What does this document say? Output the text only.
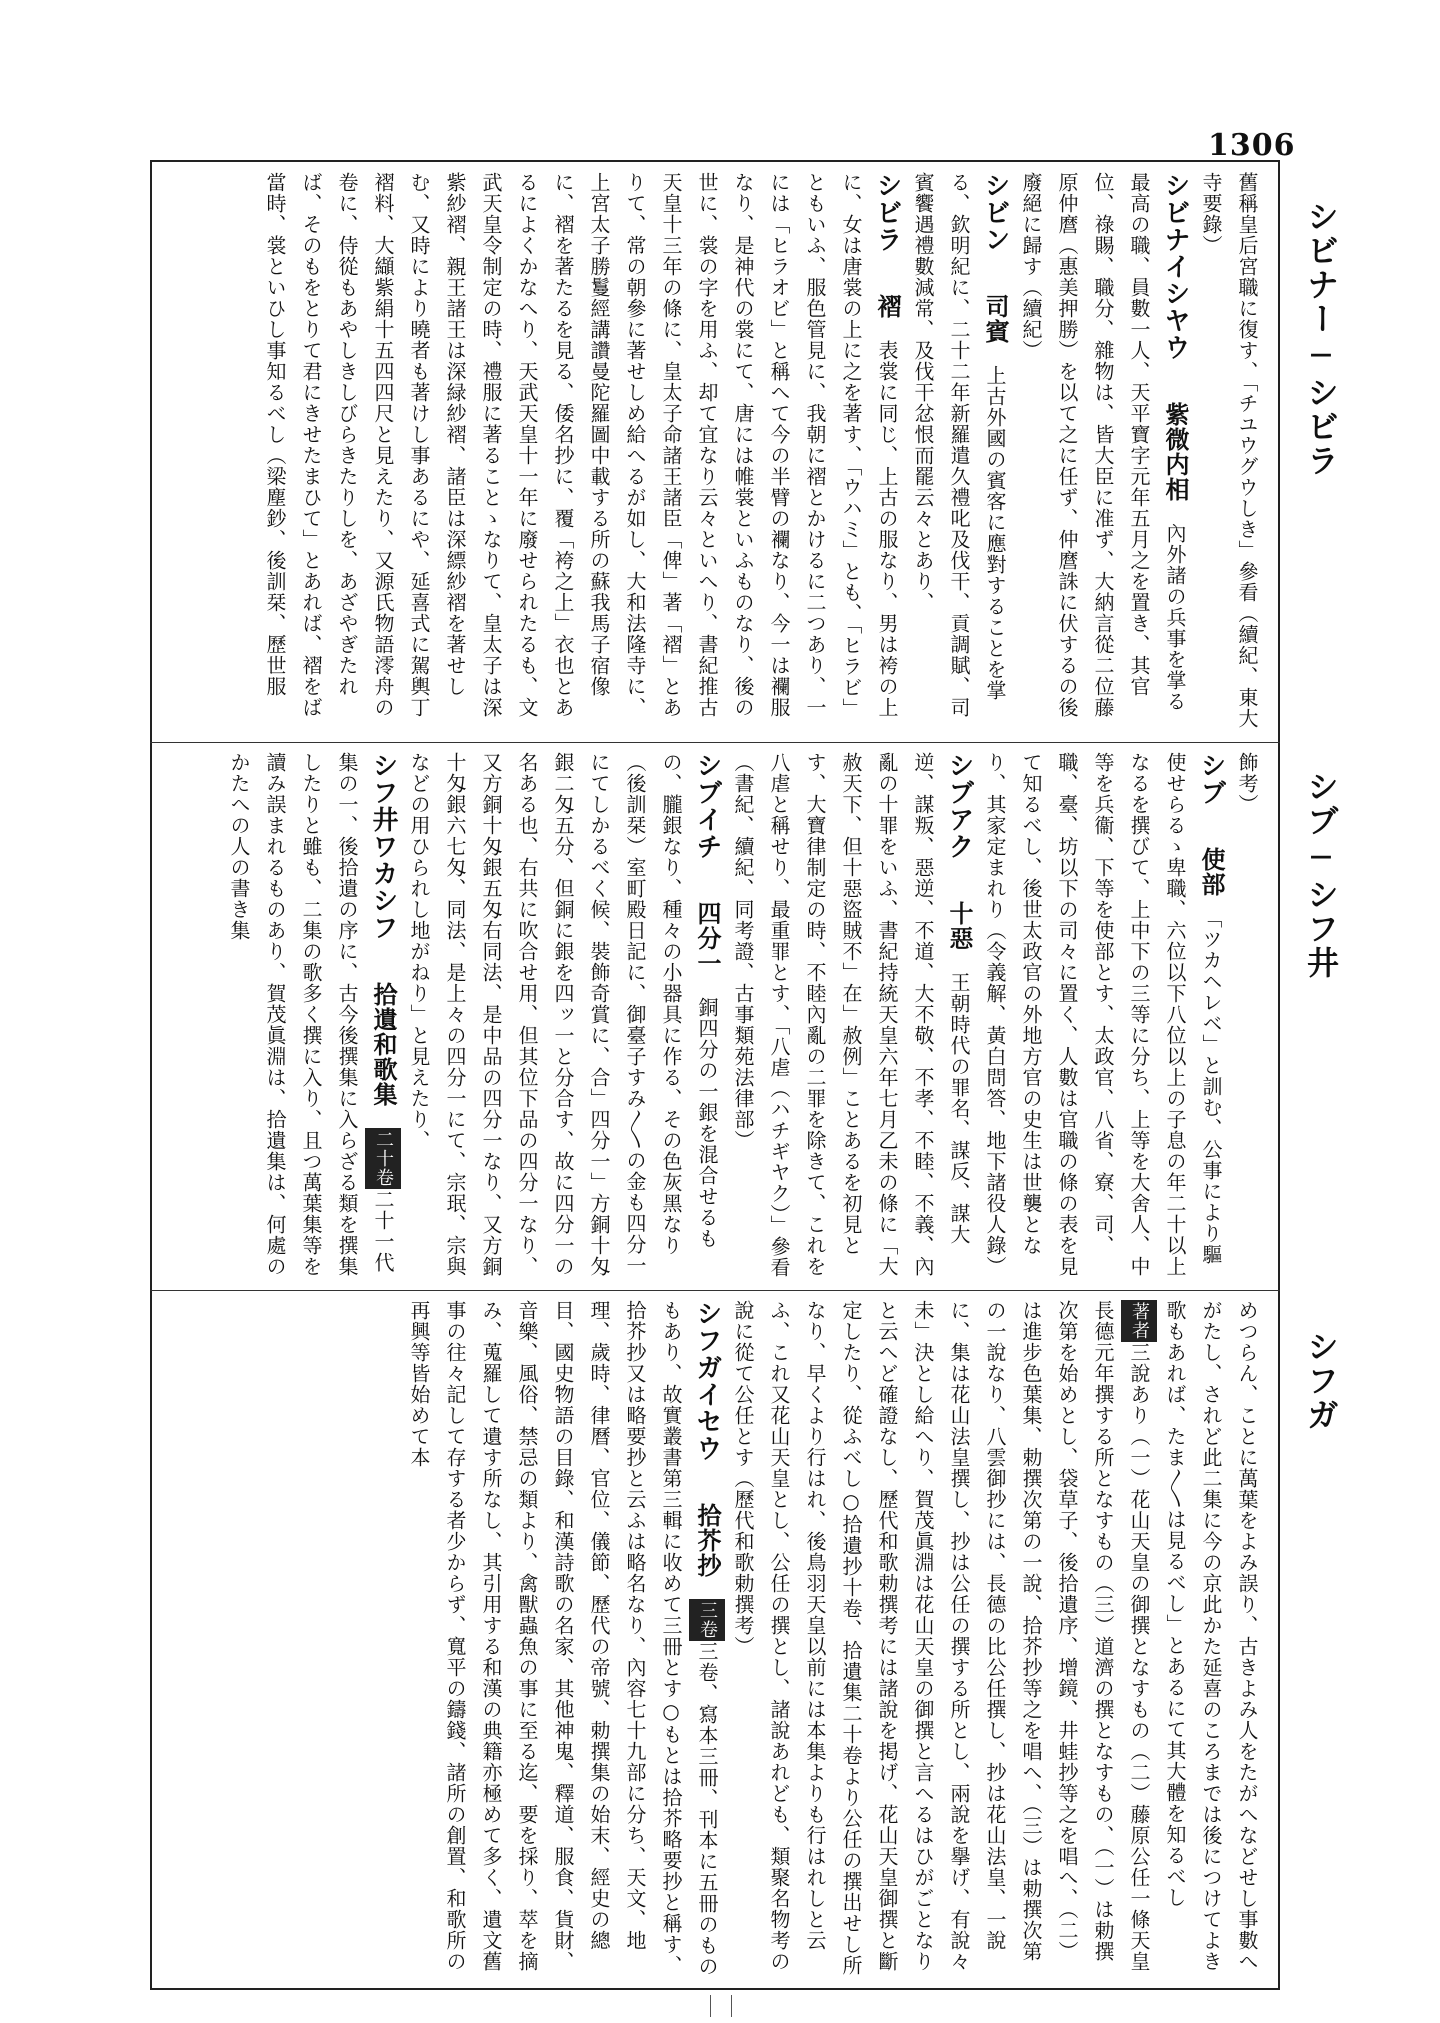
1306
シビナー─シビラ
シブ─シフ井
シフガ
舊稱皇后宮職に復す、「チユウグウしき」參看（續紀、東大寺要錄）
シビナイシヤウ　紫微内相　內外諸の兵事を掌る最高の職、員數一人、天平寶字元年五月之を置き、其官位、祿賜、職分、雜物は、皆大臣に准ず、大納言從二位藤原仲麿（惠美押勝）を以て之に任ず、仲麿誅に伏するの後廢絕に歸す（續紀）
シビン　司賓　上古外國の賓客に應對することを掌る、欽明紀に、二十二年新羅遣久禮叱及伐干、貢調賦、司賓饗遇禮數減常、及伐干忿恨而罷云々とあり、
シビラ　褶　表裳に同じ、上古の服なり、男は袴の上に、女は唐裳の上に之を著す、「ウハミ」とも、「ヒラビ」ともいふ、服色管見に、我朝に褶とかけるに二つあり、一には「ヒラオビ」と稱へて今の半臂の襴なり、今一は襴服なり、是神代の裳にて、唐には帷裳といふものなり、後の世に、裳の字を用ふ、却て宜なり云々といへり、書紀推古天皇十三年の條に、皇太子命諸王諸臣「俾」著「褶」とありて、常の朝參に著せしめ給へるが如し、大和法隆寺に、上宮太子勝鬘經講讚曼陀羅圖中載する所の蘇我馬子宿像に、褶を著たるを見る、倭名抄に、覆「袴之上」衣也とあるによくかなへり、天武天皇十一年に廢せられたるも、文武天皇令制定の時、禮服に著ることゝなりて、皇太子は深紫紗褶、親王諸王は深緑紗褶、諸臣は深縹紗褶を著せしむ、又時により曉者も著けし事あるにや、延喜式に駕輿丁褶料、大纈紫絹十五四四尺と見えたり、又源氏物語澪舟の卷に、侍從もあやしきしびらきたりしを、あざやぎたれば、そのもをとりて君にきせたまひて」とあれば、褶をば當時、裳といひし事知るべし（梁塵鈔、後訓栞、歷世服
飾考）
シブ　使部　「ツカヘレベ」と訓む、公事により驅使せらるゝ卑職、六位以下八位以上の子息の年二十以上なるを撰びて、上中下の三等に分ち、上等を大舍人、中等を兵衞、下等を使部とす、太政官、八省、寮、司、職、臺、坊以下の司々に置く、人數は官職の條の表を見て知るべし、後世太政官の外地方官の史生は世襲となり、其家定まれり（令義解、黃白問答、地下諸役人錄）
シブアク　十惡　王朝時代の罪名、謀反、謀大逆、謀叛、惡逆、不道、大不敬、不孝、不睦、不義、內亂の十罪をいふ、書紀持統天皇六年七月乙未の條に「大赦天下、但十惡盜賊不」在」赦例」ことあるを初見とす、大寶律制定の時、不睦內亂の二罪を除きて、これを八虐と稱せり、最重罪とす、「八虐（ハチギヤク）」參看（書紀、續紀、同考證、古事類苑法律部）
シブイチ　四分一　銅四分の一銀を混合せるもの、朧銀なり、種々の小器具に作る、その色灰黑なり（後訓栞）室町殿日記に、御臺子すみ〳〵の金も四分一にてしかるべく候、裝飾奇賞に、合」四分一」方銅十匁銀二匁五分、但銅に銀を四ッ一と分合す、故に四分一の名ある也、右共に吹合せ用、但其位下品の四分一なり、又方銅十匁銀五匁右同法、是中品の四分一なり、又方銅十匁銀六七匁、同法、是上々の四分一にて、宗珉、宗與などの用ひられし地がねり」と見えたり、
シフ井ワカシフ　拾遺和歌集　二十卷二十一代集の一、後拾遺の序に、古今後撰集に入らざる類を撰集したりと雖も、二集の歌多く撰に入り、且つ萬葉集等を讀み誤まれるものあり、賀茂眞淵は、拾遺集は、何處のかたへの人の書き集
めつらん、ことに萬葉をよみ誤り、古きよみ人をたがへなどせし事數へがたし、されど此二集に今の京此かた延喜のころまでは後につけてよき歌もあれば、たま〳〵は見るべし」とあるにて其大體を知るべし
著者三說あり（一）花山天皇の御撰となすもの（二）藤原公任一條天皇長德元年撰する所となすもの（三）道濟の撰となすもの、（一）は勅撰次第を始めとし、袋草子、後拾遺序、增鏡、井蛙抄等之を唱へ、（二）は進步色葉集、勅撰次第の一說、拾芥抄等之を唱へ、（三）は勅撰次第の一說なり、八雲御抄には、長德の比公任撰し、抄は花山法皇、一說に、集は花山法皇撰し、抄は公任の撰する所とし、兩說を擧げ、有說々未」決とし給へり、賀茂眞淵は花山天皇の御撰と言へるはひがごとなりと云へど確證なし、歷代和歌勅撰考には諸說を掲げ、花山天皇御撰と斷定したり、從ふべし○拾遺抄十卷、拾遺集二十卷より公任の撰出せし所なり、早くより行はれ、後鳥羽天皇以前には本集よりも行はれしと云ふ、これ又花山天皇とし、公任の撰とし、諸說あれども、類聚名物考の說に從て公任とす（歷代和歌勅撰考）
シフガイセウ　拾芥抄　三卷三卷、寫本三冊、刊本に五冊のものもあり、故實叢書第三輯に收めて三冊とす○もとは拾芥略要抄と稱す、拾芥抄又は略要抄と云ふは略名なり、內容七十九部に分ち、天文、地理、歲時、律曆、官位、儀節、歷代の帝號、勅撰集の始末、經史の總目、國史物語の目錄、和漢詩歌の名家、其他神鬼、釋道、服食、貨財、音樂、風俗、禁忌の類より、禽獸蟲魚の事に至る迄、要を採り、萃を摘み、蒐羅して遺す所なし、其引用する和漢の典籍亦極めて多く、遺文舊事の往々記して存する者少からず、寬平の鑄錢、諸所の創置、和歌所の再興等皆始めて本
